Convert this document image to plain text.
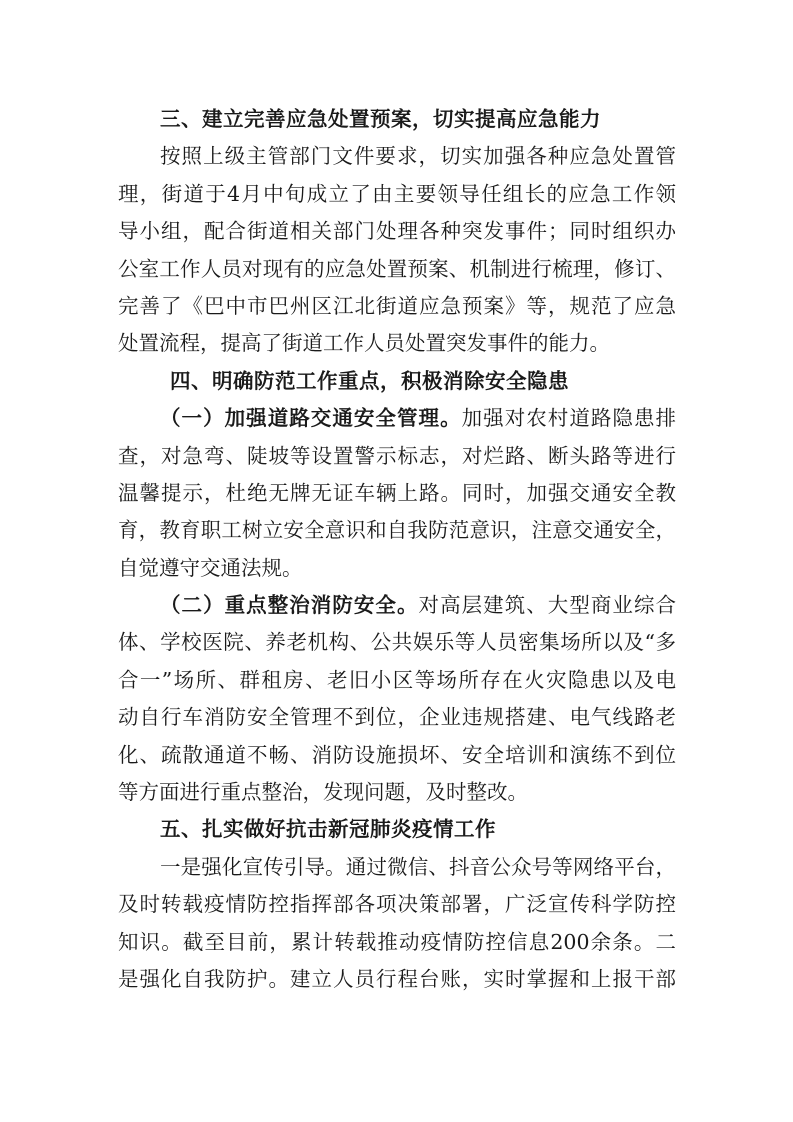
三、建立完善应急处置预案，切实提高应急能力
按照上级主管部门文件要求，切实加强各种应急处置管
理，街道于4月中旬成立了由主要领导任组长的应急工作领
导小组，配合街道相关部门处理各种突发事件；同时组织办
公室工作人员对现有的应急处置预案、机制进行梳理，修订、
完善了《巴中市巴州区江北街道应急预案》等，规范了应急
处置流程，提高了街道工作人员处置突发事件的能力。
四、明确防范工作重点，积极消除安全隐患
（一）加强道路交通安全管理。加强对农村道路隐患排
查，对急弯、陡坡等设置警示标志，对烂路、断头路等进行
温馨提示，杜绝无牌无证车辆上路。同时，加强交通安全教
育，教育职工树立安全意识和自我防范意识，注意交通安全，
自觉遵守交通法规。
（二）重点整治消防安全。对高层建筑、大型商业综合
体、学校医院、养老机构、公共娱乐等人员密集场所以及“多
合一”场所、群租房、老旧小区等场所存在火灾隐患以及电
动自行车消防安全管理不到位，企业违规搭建、电气线路老
化、疏散通道不畅、消防设施损坏、安全培训和演练不到位
等方面进行重点整治，发现问题，及时整改。
五、扎实做好抗击新冠肺炎疫情工作
一是强化宣传引导。通过微信、抖音公众号等网络平台，
及时转载疫情防控指挥部各项决策部署，广泛宣传科学防控
知识。截至目前，累计转载推动疫情防控信息200余条。二
是强化自我防护。建立人员行程台账，实时掌握和上报干部
